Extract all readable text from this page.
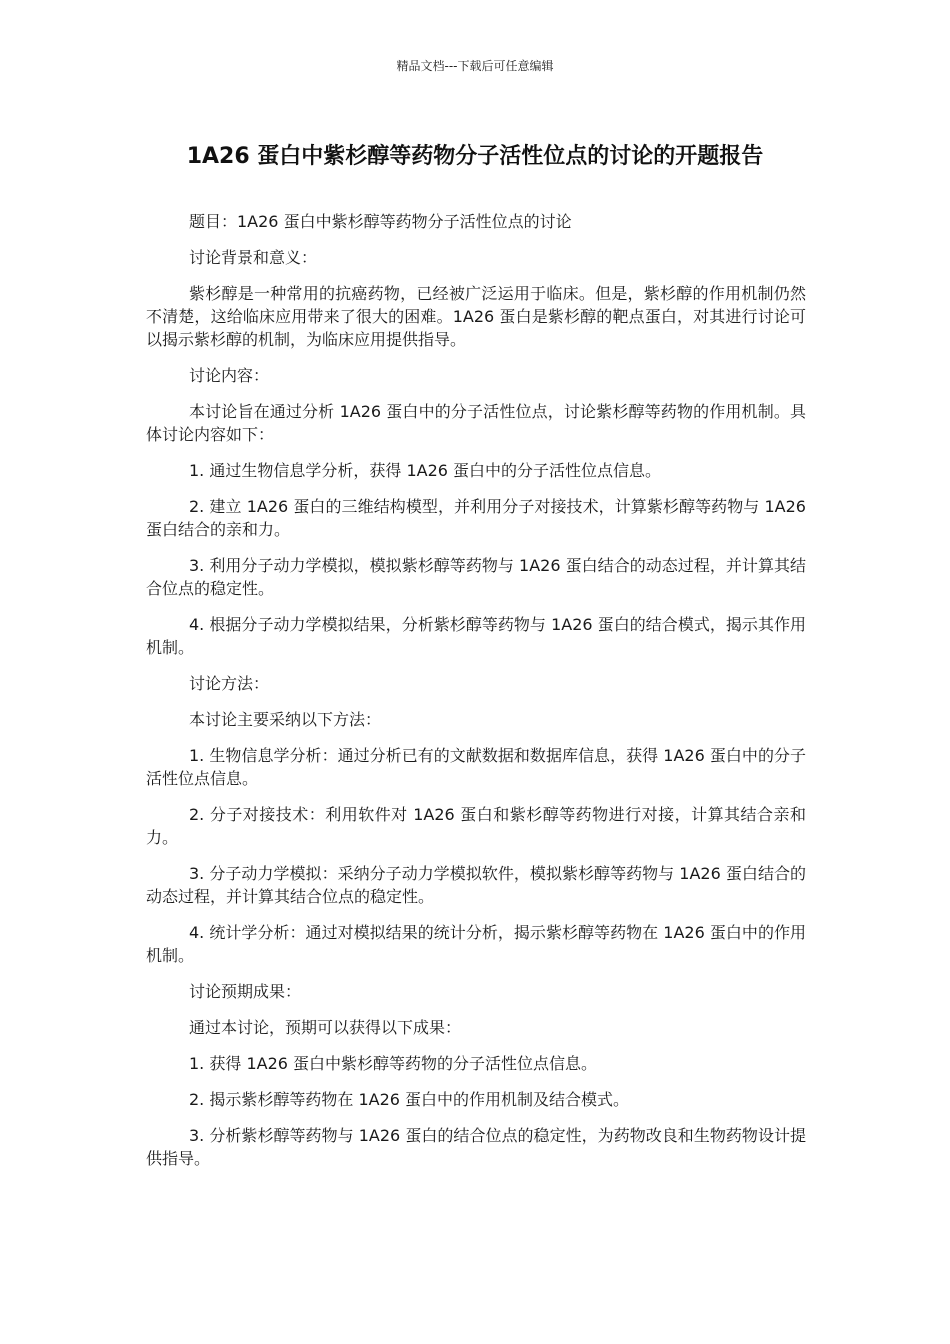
精品文档---下载后可任意编辑
1A26 蛋白中紫杉醇等药物分子活性位点的讨论的开题报告

题目：1A26 蛋白中紫杉醇等药物分子活性位点的讨论

讨论背景和意义：

紫杉醇是一种常用的抗癌药物，已经被广泛运用于临床。但是，紫杉醇的作用机制仍然不清楚，这给临床应用带来了很大的困难。1A26 蛋白是紫杉醇的靶点蛋白，对其进行讨论可以揭示紫杉醇的机制，为临床应用提供指导。

讨论内容：

本讨论旨在通过分析 1A26 蛋白中的分子活性位点，讨论紫杉醇等药物的作用机制。具体讨论内容如下：

1. 通过生物信息学分析，获得 1A26 蛋白中的分子活性位点信息。

2. 建立 1A26 蛋白的三维结构模型，并利用分子对接技术，计算紫杉醇等药物与 1A26 蛋白结合的亲和力。

3. 利用分子动力学模拟，模拟紫杉醇等药物与 1A26 蛋白结合的动态过程，并计算其结合位点的稳定性。

4. 根据分子动力学模拟结果，分析紫杉醇等药物与 1A26 蛋白的结合模式，揭示其作用机制。

讨论方法：

本讨论主要采纳以下方法：

1. 生物信息学分析：通过分析已有的文献数据和数据库信息，获得 1A26 蛋白中的分子活性位点信息。

2. 分子对接技术：利用软件对 1A26 蛋白和紫杉醇等药物进行对接，计算其结合亲和力。

3. 分子动力学模拟：采纳分子动力学模拟软件，模拟紫杉醇等药物与 1A26 蛋白结合的动态过程，并计算其结合位点的稳定性。

4. 统计学分析：通过对模拟结果的统计分析，揭示紫杉醇等药物在 1A26 蛋白中的作用机制。

讨论预期成果：

通过本讨论，预期可以获得以下成果：

1. 获得 1A26 蛋白中紫杉醇等药物的分子活性位点信息。

2. 揭示紫杉醇等药物在 1A26 蛋白中的作用机制及结合模式。

3. 分析紫杉醇等药物与 1A26 蛋白的结合位点的稳定性，为药物改良和生物药物设计提供指导。
